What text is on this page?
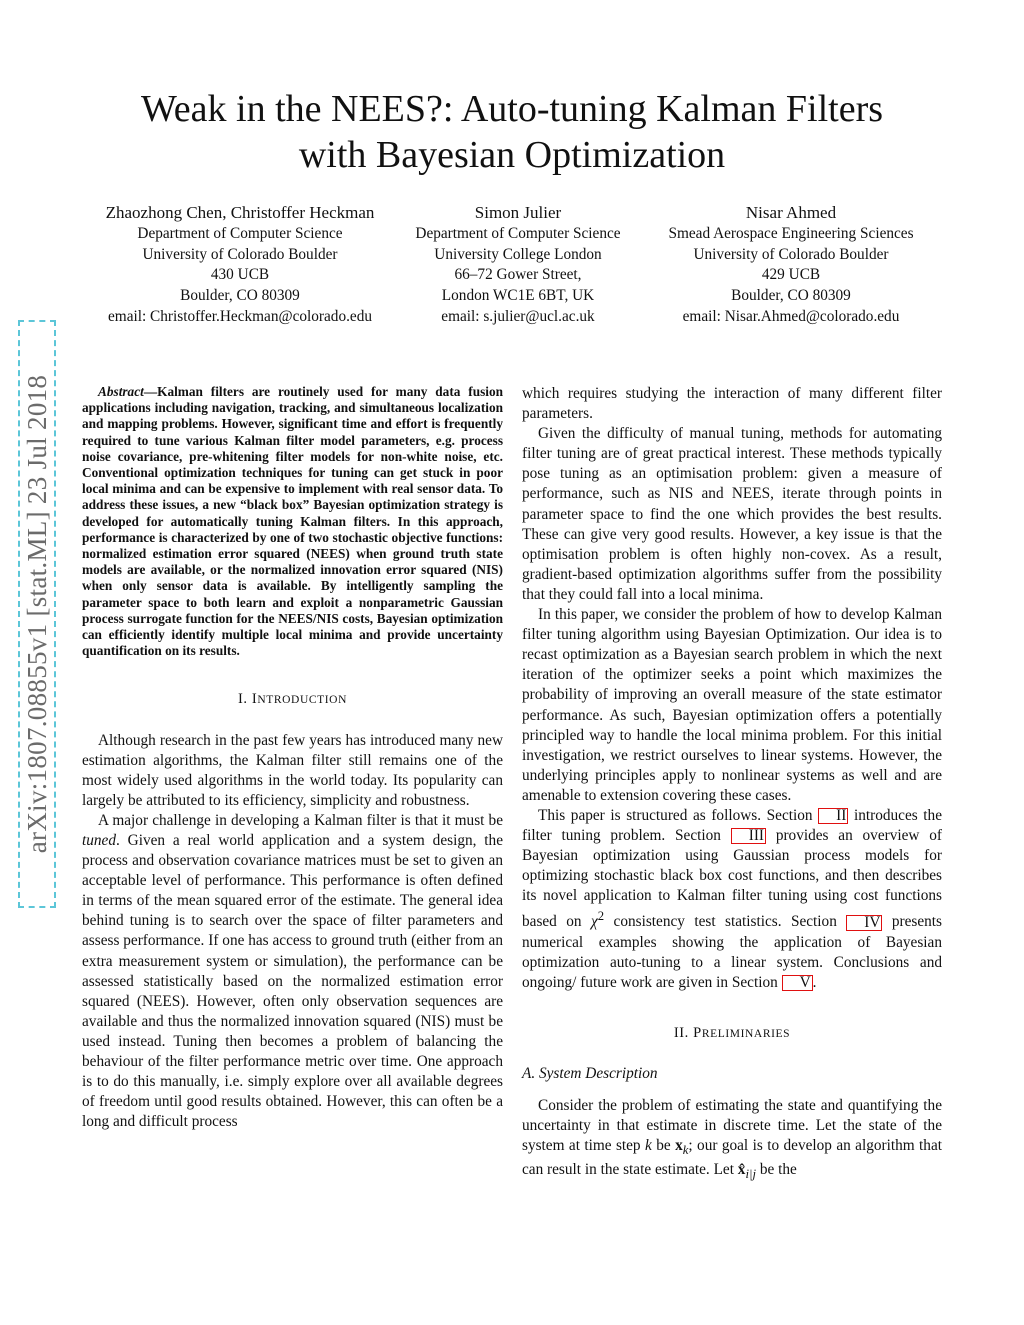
arXiv:1807.08855v1 [stat.ML] 23 Jul 2018
Weak in the NEES?: Auto-tuning Kalman Filters
with Bayesian Optimization
Zhaozhong Chen, Christoffer Heckman
Department of Computer Science
University of Colorado Boulder
430 UCB
Boulder, CO 80309
email: Christoffer.Heckman@colorado.edu
Simon Julier
Department of Computer Science
University College London
66–72 Gower Street,
London WC1E 6BT, UK
email: s.julier@ucl.ac.uk
Nisar Ahmed
Smead Aerospace Engineering Sciences
University of Colorado Boulder
429 UCB
Boulder, CO 80309
email: Nisar.Ahmed@colorado.edu

Abstract—Kalman filters are routinely used for many data fusion applications including navigation, tracking, and simultaneous localization and mapping problems. However, significant time and effort is frequently required to tune various Kalman filter model parameters, e.g. process noise covariance, pre-whitening filter models for non-white noise, etc. Conventional optimization techniques for tuning can get stuck in poor local minima and can be expensive to implement with real sensor data. To address these issues, a new “black box” Bayesian optimization strategy is developed for automatically tuning Kalman filters. In this approach, performance is characterized by one of two stochastic objective functions: normalized estimation error squared (NEES) when ground truth state models are available, or the normalized innovation error squared (NIS) when only sensor data is available. By intelligently sampling the parameter space to both learn and exploit a nonparametric Gaussian process surrogate function for the NEES/NIS costs, Bayesian optimization can efficiently identify multiple local minima and provide uncertainty quantification on its results.

I. INTRODUCTION

Although research in the past few years has introduced many new estimation algorithms, the Kalman filter still remains one of the most widely used algorithms in the world today. Its popularity can largely be attributed to its efficiency, simplicity and robustness.

A major challenge in developing a Kalman filter is that it must be tuned. Given a real world application and a system design, the process and observation covariance matrices must be set to given an acceptable level of performance. This performance is often defined in terms of the mean squared error of the estimate. The general idea behind tuning is to search over the space of filter parameters and assess performance. If one has access to ground truth (either from an extra measurement system or simulation), the performance can be assessed statistically based on the normalized estimation error squared (NEES). However, often only observation sequences are available and thus the normalized innovation squared (NIS) must be used instead. Tuning then becomes a problem of balancing the behaviour of the filter performance metric over time. One approach is to do this manually, i.e. simply explore over all available degrees of freedom until good results obtained. However, this can often be a long and difficult process

which requires studying the interaction of many different filter parameters.

Given the difficulty of manual tuning, methods for automating filter tuning are of great practical interest. These methods typically pose tuning as an optimisation problem: given a measure of performance, such as NIS and NEES, iterate through points in parameter space to find the one which provides the best results. These can give very good results. However, a key issue is that the optimisation problem is often highly non-covex. As a result, gradient-based optimization algorithms suffer from the possibility that they could fall into a local minima.

In this paper, we consider the problem of how to develop Kalman filter tuning algorithm using Bayesian Optimization. Our idea is to recast optimization as a Bayesian search problem in which the next iteration of the optimizer seeks a point which maximizes the probability of improving an overall measure of the state estimator performance. As such, Bayesian optimization offers a potentially principled way to handle the local minima problem. For this initial investigation, we restrict ourselves to linear systems. However, the underlying principles apply to nonlinear systems as well and are amenable to extension covering these cases.

This paper is structured as follows. Section II introduces the filter tuning problem. Section III provides an overview of Bayesian optimization using Gaussian process models for optimizing stochastic black box cost functions, and then describes its novel application to Kalman filter tuning using cost functions based on $\chi^2$ consistency test statistics. Section IV presents numerical examples showing the application of Bayesian optimization auto-tuning to a linear system. Conclusions and ongoing/ future work are given in Section V .

II. PRELIMINARIES
A. System Description

Consider the problem of estimating the state and quantifying the uncertainty in that estimate in discrete time. Let the state of the system at time step k be $x_k$; our goal is to develop an algorithm that can result in the state estimate. Let $x̂_{i|j}$ be the
